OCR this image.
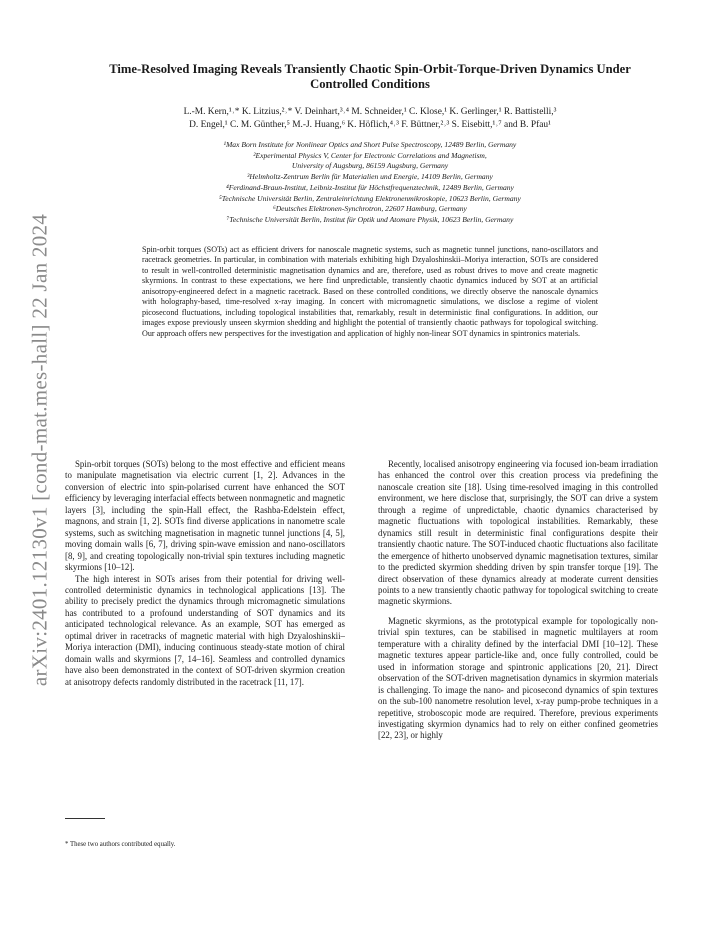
arXiv:2401.12130v1 [cond-mat.mes-hall] 22 Jan 2024
Time-Resolved Imaging Reveals Transiently Chaotic Spin-Orbit-Torque-Driven Dynamics Under Controlled Conditions
L.-M. Kern,¹˒* K. Litzius,²˒* V. Deinhart,³˒⁴ M. Schneider,¹ C. Klose,¹ K. Gerlinger,¹ R. Battistelli,³
D. Engel,¹ C. M. Günther,⁵ M.-J. Huang,⁶ K. Höflich,⁴˒³ F. Büttner,²˒³ S. Eisebitt,¹˒⁷ and B. Pfau¹
¹Max Born Institute for Nonlinear Optics and Short Pulse Spectroscopy, 12489 Berlin, Germany
²Experimental Physics V, Center for Electronic Correlations and Magnetism,
University of Augsburg, 86159 Augsburg, Germany
³Helmholtz-Zentrum Berlin für Materialien und Energie, 14109 Berlin, Germany
⁴Ferdinand-Braun-Institut, Leibniz-Institut für Höchstfrequenztechnik, 12489 Berlin, Germany
⁵Technische Universität Berlin, Zentraleinrichtung Elektronenmikroskopie, 10623 Berlin, Germany
⁶Deutsches Elektronen-Synchrotron, 22607 Hamburg, Germany
⁷Technische Universität Berlin, Institut für Optik und Atomare Physik, 10623 Berlin, Germany
Spin-orbit torques (SOTs) act as efficient drivers for nanoscale magnetic systems, such as magnetic tunnel junctions, nano-oscillators and racetrack geometries. In particular, in combination with materials exhibiting high Dzyaloshinskii–Moriya interaction, SOTs are considered to result in well-controlled deterministic magnetisation dynamics and are, therefore, used as robust drives to move and create magnetic skyrmions. In contrast to these expectations, we here find unpredictable, transiently chaotic dynamics induced by SOT at an artificial anisotropy-engineered defect in a magnetic racetrack. Based on these controlled conditions, we directly observe the nanoscale dynamics with holography-based, time-resolved x-ray imaging. In concert with micromagnetic simulations, we disclose a regime of violent picosecond fluctuations, including topological instabilities that, remarkably, result in deterministic final configurations. In addition, our images expose previously unseen skyrmion shedding and highlight the potential of transiently chaotic pathways for topological switching. Our approach offers new perspectives for the investigation and application of highly non-linear SOT dynamics in spintronics materials.

Spin-orbit torques (SOTs) belong to the most effective and efficient means to manipulate magnetisation via electric current [1, 2]. Advances in the conversion of electric into spin-polarised current have enhanced the SOT efficiency by leveraging interfacial effects between nonmagnetic and magnetic layers [3], including the spin-Hall effect, the Rashba-Edelstein effect, magnons, and strain [1, 2]. SOTs find diverse applications in nanometre scale systems, such as switching magnetisation in magnetic tunnel junctions [4, 5], moving domain walls [6, 7], driving spin-wave emission and nano-oscillators [8, 9], and creating topologically non-trivial spin textures including magnetic skyrmions [10–12].

The high interest in SOTs arises from their potential for driving well-controlled deterministic dynamics in technological applications [13]. The ability to precisely predict the dynamics through micromagnetic simulations has contributed to a profound understanding of SOT dynamics and its anticipated technological relevance. As an example, SOT has emerged as optimal driver in racetracks of magnetic material with high Dzyaloshinskii–Moriya interaction (DMI), inducing continuous steady-state motion of chiral domain walls and skyrmions [7, 14–16]. Seamless and controlled dynamics have also been demonstrated in the context of SOT-driven skyrmion creation at anisotropy defects randomly distributed in the racetrack [11, 17].

Recently, localised anisotropy engineering via focused ion-beam irradiation has enhanced the control over this creation process via predefining the nanoscale creation site [18]. Using time-resolved imaging in this controlled environment, we here disclose that, surprisingly, the SOT can drive a system through a regime of unpredictable, chaotic dynamics characterised by magnetic fluctuations with topological instabilities. Remarkably, these dynamics still result in deterministic final configurations despite their transiently chaotic nature. The SOT-induced chaotic fluctuations also facilitate the emergence of hitherto unobserved dynamic magnetisation textures, similar to the predicted skyrmion shedding driven by spin transfer torque [19]. The direct observation of these dynamics already at moderate current densities points to a new transiently chaotic pathway for topological switching to create magnetic skyrmions.

Magnetic skyrmions, as the prototypical example for topologically non-trivial spin textures, can be stabilised in magnetic multilayers at room temperature with a chirality defined by the interfacial DMI [10–12]. These magnetic textures appear particle-like and, once fully controlled, could be used in information storage and spintronic applications [20, 21]. Direct observation of the SOT-driven magnetisation dynamics in skyrmion materials is challenging. To image the nano- and picosecond dynamics of spin textures on the sub-100 nanometre resolution level, x-ray pump-probe techniques in a repetitive, stroboscopic mode are required. Therefore, previous experiments investigating skyrmion dynamics had to rely on either confined geometries [22, 23], or highly

* These two authors contributed equally.
